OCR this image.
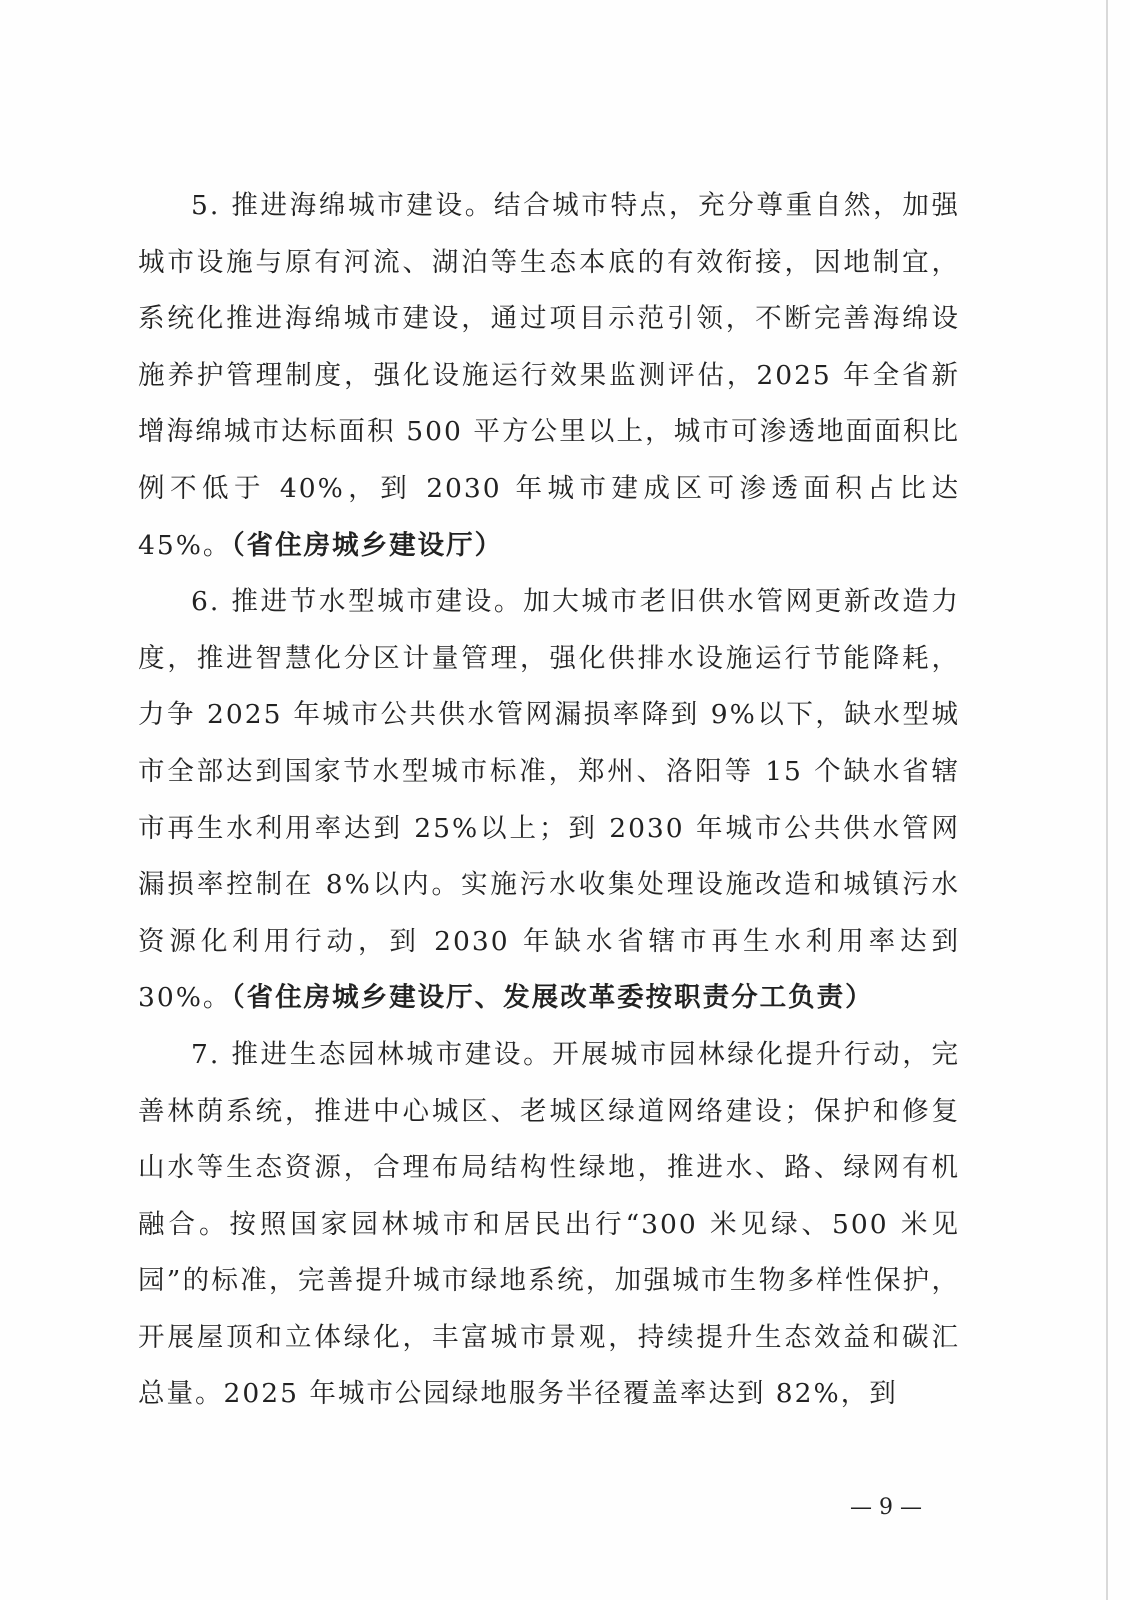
5. 推进海绵城市建设。结合城市特点，充分尊重自然，加强城市设施与原有河流、湖泊等生态本底的有效衔接，因地制宜，系统化推进海绵城市建设，通过项目示范引领，不断完善海绵设施养护管理制度，强化设施运行效果监测评估，2025 年全省新增海绵城市达标面积 500 平方公里以上，城市可渗透地面面积比例不低于 40%，到 2030 年城市建成区可渗透面积占比达 45%。（省住房城乡建设厅）

6. 推进节水型城市建设。加大城市老旧供水管网更新改造力度，推进智慧化分区计量管理，强化供排水设施运行节能降耗，力争 2025 年城市公共供水管网漏损率降到 9%以下，缺水型城市全部达到国家节水型城市标准，郑州、洛阳等 15 个缺水省辖市再生水利用率达到 25%以上；到 2030 年城市公共供水管网漏损率控制在 8%以内。实施污水收集处理设施改造和城镇污水资源化利用行动，到 2030 年缺水省辖市再生水利用率达到 30%。（省住房城乡建设厅、发展改革委按职责分工负责）

7. 推进生态园林城市建设。开展城市园林绿化提升行动，完善林荫系统，推进中心城区、老城区绿道网络建设；保护和修复山水等生态资源，合理布局结构性绿地，推进水、路、绿网有机融合。按照国家园林城市和居民出行“300 米见绿、500 米见园”的标准，完善提升城市绿地系统，加强城市生物多样性保护，开展屋顶和立体绿化，丰富城市景观，持续提升生态效益和碳汇总量。2025 年城市公园绿地服务半径覆盖率达到 82%，到

— 9 —
